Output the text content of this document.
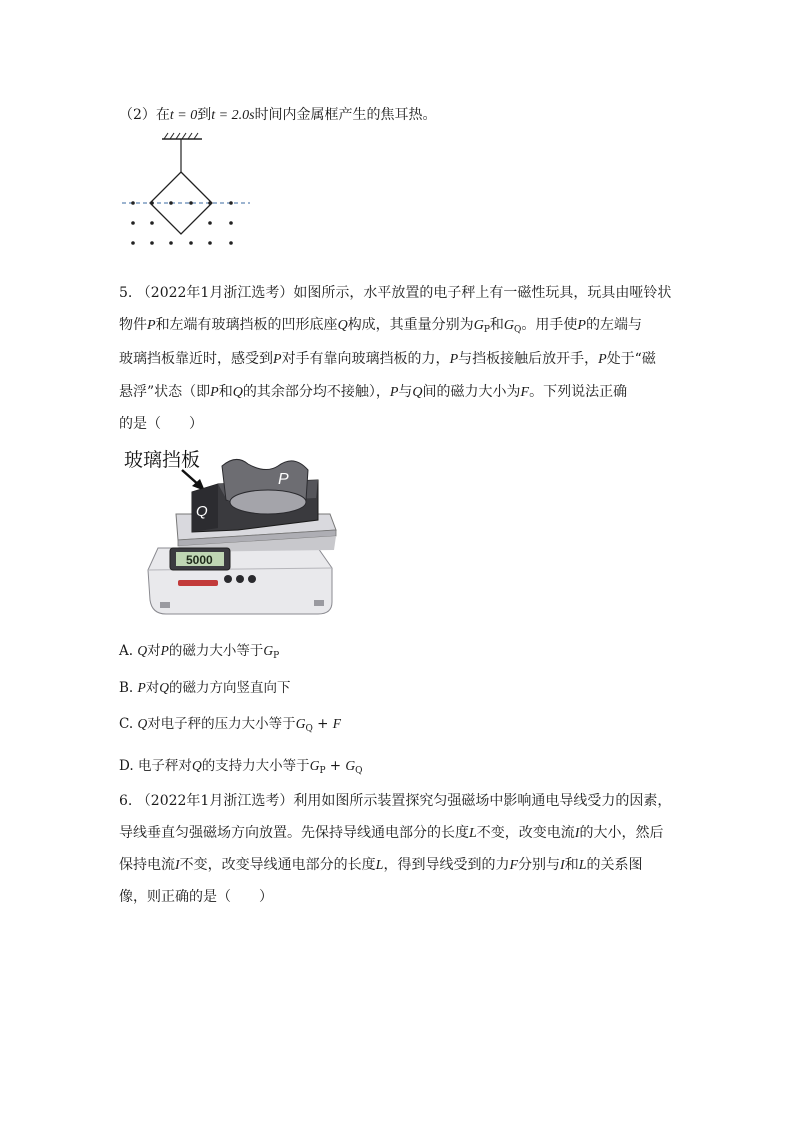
（2）在t = 0到t = 2.0s时间内金属框产生的焦耳热。
5. （2022年1月浙江选考）如图所示，水平放置的电子秤上有一磁性玩具，玩具由哑铃状
物件P和左端有玻璃挡板的凹形底座Q构成，其重量分别为$G_P$和$G_Q$。用手使P的左端与
玻璃挡板靠近时，感受到P对手有靠向玻璃挡板的力，P与挡板接触后放开手，P处于“磁
悬浮”状态（即P和Q的其余部分均不接触），P与Q间的磁力大小为F。下列说法正确
的是（　　）
玻璃挡板
Q
P
5000
A. Q对P的磁力大小等于$G_P$
B. P对Q的磁力方向竖直向下
C. Q对电子秤的压力大小等于$G_Q + F$
D. 电子秤对Q的支持力大小等于$G_P + G_Q$
6. （2022年1月浙江选考）利用如图所示装置探究匀强磁场中影响通电导线受力的因素，
导线垂直匀强磁场方向放置。先保持导线通电部分的长度L不变，改变电流I的大小，然后
保持电流I不变，改变导线通电部分的长度L，得到导线受到的力F分别与I和L的关系图
像，则正确的是（　　）
